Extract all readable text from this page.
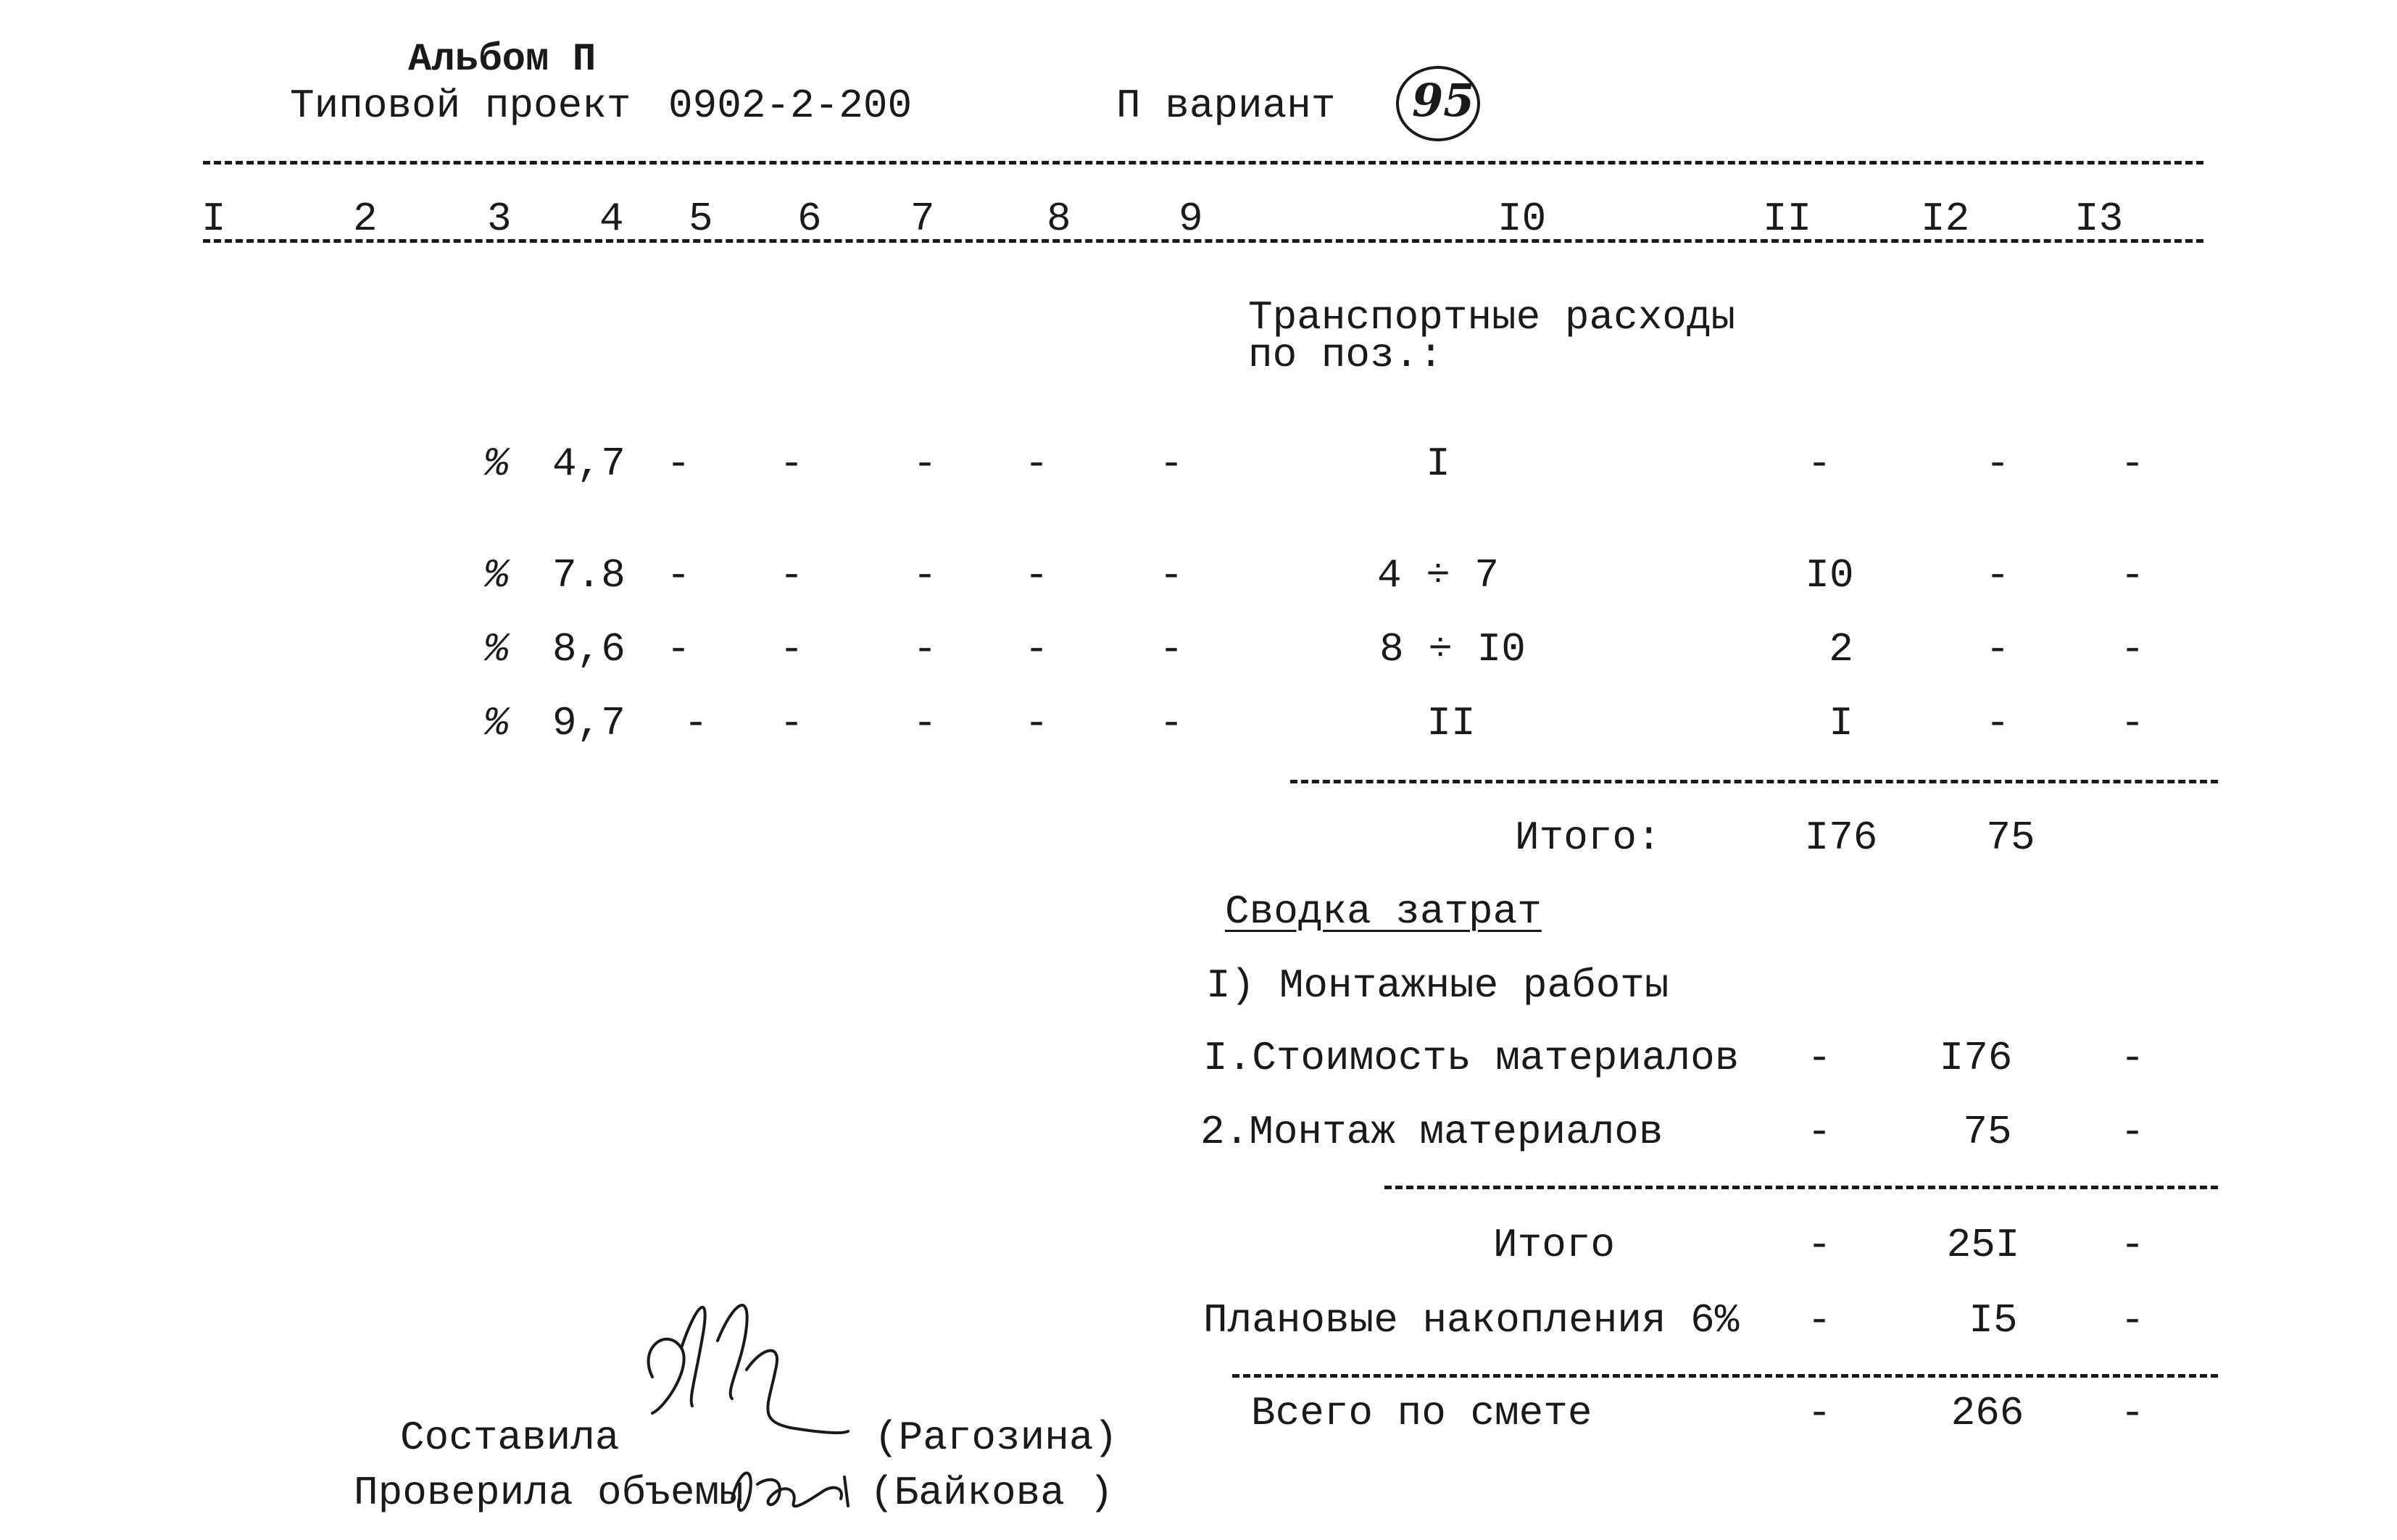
Альбом П
Типовой проект 0902-2-200	П вариант 95
I	2	3 4 5 6 7	8	9	I0	II	I2	I3
Транспортные расходы
по поз.:
% 4,7 - -	- -	-	I	-	-	-
% 7.8 - -	- -	-	4 ÷ 7	I0	-	-
% 8,6 - -	- -	-	8 ÷ I0	2	-	-
% 9,7 - -	- -	-	II	I	-	-
Итого:	I76	75
Сводка затрат
I) Монтажные работы
I.Стоимость материалов -	I76	-
2.Монтаж материалов	-	75	-
Итого	-	25I -
Плановые накопления 6% -	I5	-
Всего по смете	-	266 -
Составила	(Рагозина)
Проверила объемы	(Байкова )
